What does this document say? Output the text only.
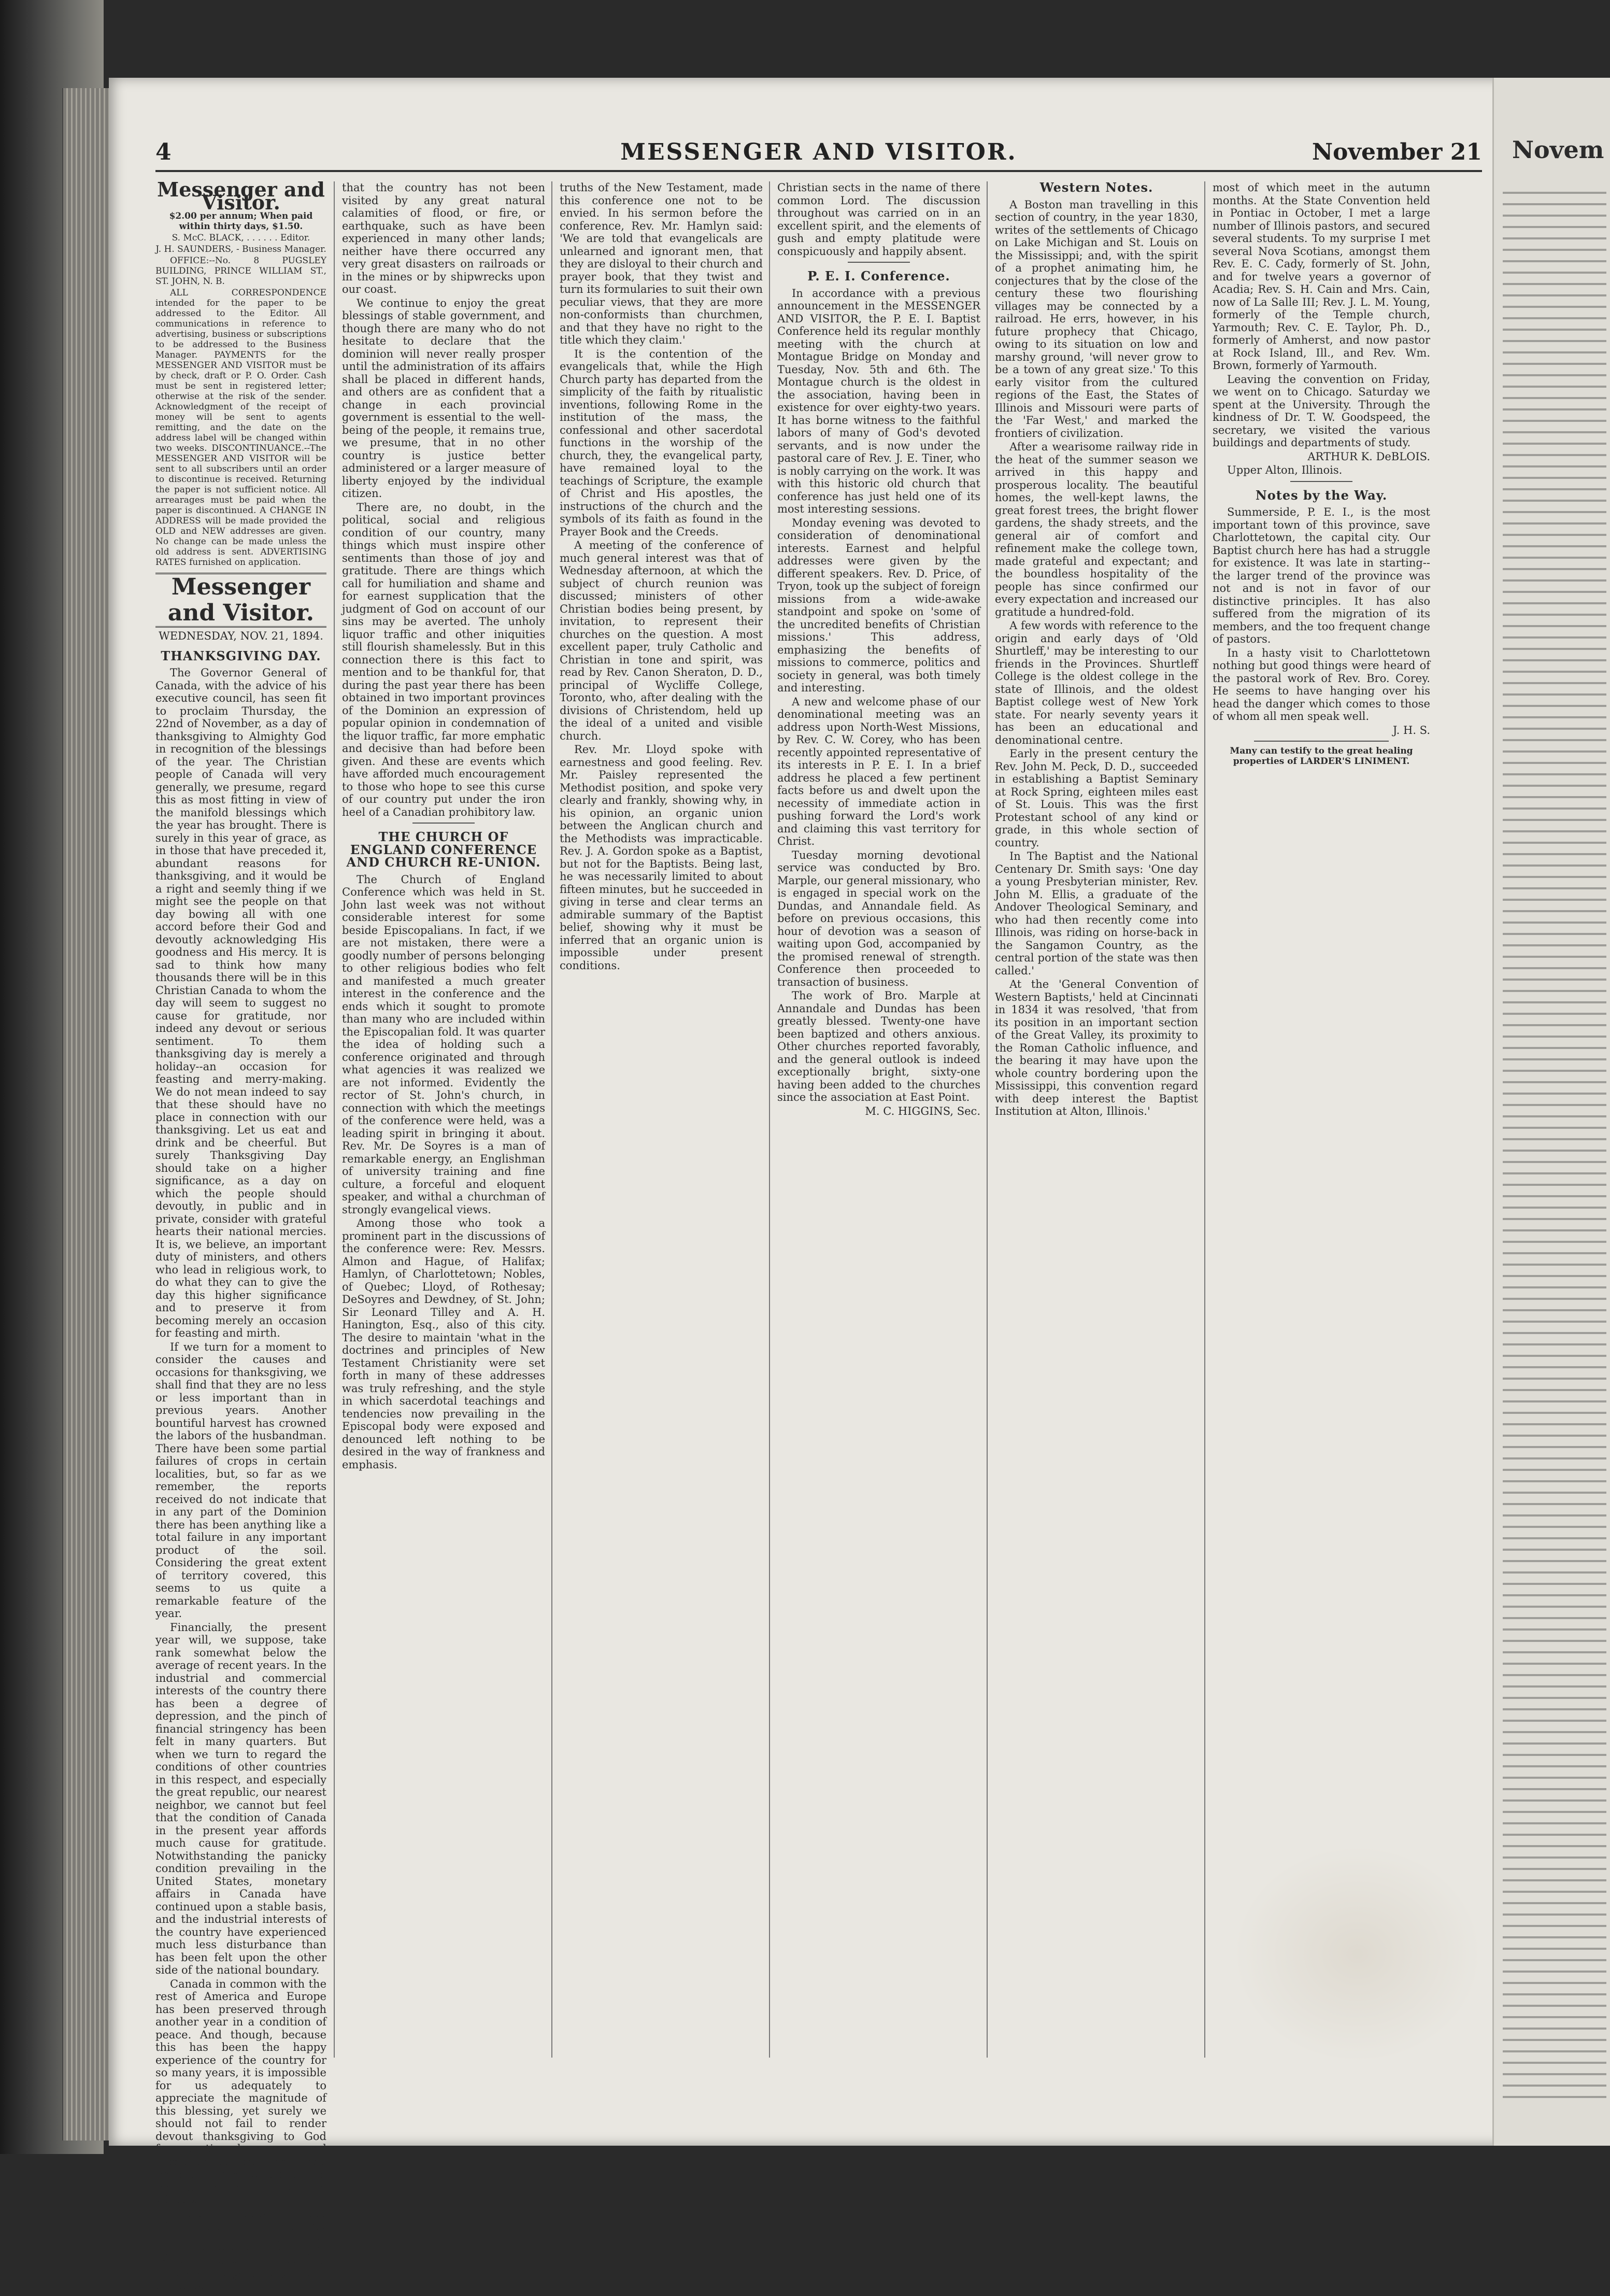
Novem
4	MESSENGER AND VISITOR.	November 21
Messenger and Visitor.

$2.00 per annum; When paid within thirty days, $1.50.

S. McC. BLACK, . . . . . . Editor.

J. H. SAUNDERS, - Business Manager.

OFFICE:--No. 8 PUGSLEY BUILDING, PRINCE WILLIAM ST., ST. JOHN, N. B.

ALL CORRESPONDENCE intended for the paper to be addressed to the Editor. All communications in reference to advertising, business or subscriptions to be addressed to the Business Manager. PAYMENTS for the MESSENGER AND VISITOR must be by check, draft or P. O. Order. Cash must be sent in registered letter; otherwise at the risk of the sender. Acknowledgment of the receipt of money will be sent to agents remitting, and the date on the address label will be changed within two weeks. DISCONTINUANCE.--The MESSENGER AND VISITOR will be sent to all subscribers until an order to discontinue is received. Returning the paper is not sufficient notice. All arrearages must be paid when the paper is discontinued. A CHANGE IN ADDRESS will be made provided the OLD and NEW addresses are given. No change can be made unless the old address is sent. ADVERTISING RATES furnished on application.

Messenger and Visitor.

WEDNESDAY, NOV. 21, 1894.

THANKSGIVING DAY.

The Governor General of Canada, with the advice of his executive council, has seen fit to proclaim Thursday, the 22nd of November, as a day of thanksgiving to Almighty God in recognition of the blessings of the year. The Christian people of Canada will very generally, we presume, regard this as most fitting in view of the manifold blessings which the year has brought. There is surely in this year of grace, as in those that have preceded it, abundant reasons for thanksgiving, and it would be a right and seemly thing if we might see the people on that day bowing all with one accord before their God and devoutly acknowledging His goodness and His mercy. It is sad to think how many thousands there will be in this Christian Canada to whom the day will seem to suggest no cause for gratitude, nor indeed any devout or serious sentiment. To them thanksgiving day is merely a holiday--an occasion for feasting and merry-making. We do not mean indeed to say that these should have no place in connection with our thanksgiving. Let us eat and drink and be cheerful. But surely Thanksgiving Day should take on a higher significance, as a day on which the people should devoutly, in public and in private, consider with grateful hearts their national mercies. It is, we believe, an important duty of ministers, and others who lead in religious work, to do what they can to give the day this higher significance and to preserve it from becoming merely an occasion for feasting and mirth.

If we turn for a moment to consider the causes and occasions for thanksgiving, we shall find that they are no less or less important than in previous years. Another bountiful harvest has crowned the labors of the husbandman. There have been some partial failures of crops in certain localities, but, so far as we remember, the reports received do not indicate that in any part of the Dominion there has been anything like a total failure in any important product of the soil. Considering the great extent of territory covered, this seems to us quite a remarkable feature of the year.

Financially, the present year will, we suppose, take rank somewhat below the average of recent years. In the industrial and commercial interests of the country there has been a degree of depression, and the pinch of financial stringency has been felt in many quarters. But when we turn to regard the conditions of other countries in this respect, and especially the great republic, our nearest neighbor, we cannot but feel that the condition of Canada in the present year affords much cause for gratitude. Notwithstanding the panicky condition prevailing in the United States, monetary affairs in Canada have continued upon a stable basis, and the industrial interests of the country have experienced much less disturbance than has been felt upon the other side of the national boundary.

Canada in common with the rest of America and Europe has been preserved through another year in a condition of peace. And though, because this has been the happy experience of the country for so many years, it is impossible for us adequately to appreciate the magnitude of this blessing, yet surely we should not fail to render devout thanksgiving to God for continued peace, and earnestly to pray that the protecting hand of a gracious providence may not be withdrawn.

While casualties attended with destruction of property and loss of life more or less have occurred in various parts of the Dominion during the year, it is certainly great cause for gratitude

that the country has not been visited by any great natural calamities of flood, or fire, or earthquake, such as have been experienced in many other lands; neither have there occurred any very great disasters on railroads or in the mines or by shipwrecks upon our coast.

We continue to enjoy the great blessings of stable government, and though there are many who do not hesitate to declare that the dominion will never really prosper until the administration of its affairs shall be placed in different hands, and others are as confident that a change in each provincial government is essential to the well-being of the people, it remains true, we presume, that in no other country is justice better administered or a larger measure of liberty enjoyed by the individual citizen.

There are, no doubt, in the political, social and religious condition of our country, many things which must inspire other sentiments than those of joy and gratitude. There are things which call for humiliation and shame and for earnest supplication that the judgment of God on account of our sins may be averted. The unholy liquor traffic and other iniquities still flourish shamelessly. But in this connection there is this fact to mention and to be thankful for, that during the past year there has been obtained in two important provinces of the Dominion an expression of popular opinion in condemnation of the liquor traffic, far more emphatic and decisive than had before been given. And these are events which have afforded much encouragement to those who hope to see this curse of our country put under the iron heel of a Canadian prohibitory law.

THE CHURCH OF ENGLAND CONFERENCE AND CHURCH RE-UNION.

The Church of England Conference which was held in St. John last week was not without considerable interest for some beside Episcopalians. In fact, if we are not mistaken, there were a goodly number of persons belonging to other religious bodies who felt and manifested a much greater interest in the conference and the ends which it sought to promote than many who are included within the Episcopalian fold. It was quarter the idea of holding such a conference originated and through what agencies it was realized we are not informed. Evidently the rector of St. John's church, in connection with which the meetings of the conference were held, was a leading spirit in bringing it about. Rev. Mr. De Soyres is a man of remarkable energy, an Englishman of university training and fine culture, a forceful and eloquent speaker, and withal a churchman of strongly evangelical views.

Among those who took a prominent part in the discussions of the conference were: Rev. Messrs. Almon and Hague, of Halifax; Hamlyn, of Charlottetown; Nobles, of Quebec; Lloyd, of Rothesay; DeSoyres and Dewdney, of St. John; Sir Leonard Tilley and A. H. Hanington, Esq., also of this city. The desire to maintain 'what in the doctrines and principles of New Testament Christianity were set forth in many of these addresses was truly refreshing, and the style in which sacerdotal teachings and tendencies now prevailing in the Episcopal body were exposed and denounced left nothing to be desired in the way of frankness and emphasis.

truths of the New Testament, made this conference one not to be envied. In his sermon before the conference, Rev. Mr. Hamlyn said: 'We are told that evangelicals are unlearned and ignorant men, that they are disloyal to their church and prayer book, that they twist and turn its formularies to suit their own peculiar views, that they are more non-conformists than churchmen, and that they have no right to the title which they claim.'

It is the contention of the evangelicals that, while the High Church party has departed from the simplicity of the faith by ritualistic inventions, following Rome in the institution of the mass, the confessional and other sacerdotal functions in the worship of the church, they, the evangelical party, have remained loyal to the teachings of Scripture, the example of Christ and His apostles, the instructions of the church and the symbols of its faith as found in the Prayer Book and the Creeds.

A meeting of the conference of much general interest was that of Wednesday afternoon, at which the subject of church reunion was discussed; ministers of other Christian bodies being present, by invitation, to represent their churches on the question. A most excellent paper, truly Catholic and Christian in tone and spirit, was read by Rev. Canon Sheraton, D. D., principal of Wycliffe College, Toronto, who, after dealing with the divisions of Christendom, held up the ideal of a united and visible church.

Rev. Mr. Lloyd spoke with earnestness and good feeling. Rev. Mr. Paisley represented the Methodist position, and spoke very clearly and frankly, showing why, in his opinion, an organic union between the Anglican church and the Methodists was impracticable. Rev. J. A. Gordon spoke as a Baptist, but not for the Baptists. Being last, he was necessarily limited to about fifteen minutes, but he succeeded in giving in terse and clear terms an admirable summary of the Baptist belief, showing why it must be inferred that an organic union is impossible under present conditions.

Christian sects in the name of there common Lord. The discussion throughout was carried on in an excellent spirit, and the elements of gush and empty platitude were conspicuously and happily absent.

P. E. I. Conference.

In accordance with a previous announcement in the MESSENGER AND VISITOR, the P. E. I. Baptist Conference held its regular monthly meeting with the church at Montague Bridge on Monday and Tuesday, Nov. 5th and 6th. The Montague church is the oldest in the association, having been in existence for over eighty-two years. It has borne witness to the faithful labors of many of God's devoted servants, and is now under the pastoral care of Rev. J. E. Tiner, who is nobly carrying on the work. It was with this historic old church that conference has just held one of its most interesting sessions.

Monday evening was devoted to consideration of denominational interests. Earnest and helpful addresses were given by the different speakers. Rev. D. Price, of Tryon, took up the subject of foreign missions from a wide-awake standpoint and spoke on 'some of the uncredited benefits of Christian missions.' This address, emphasizing the benefits of missions to commerce, politics and society in general, was both timely and interesting.

A new and welcome phase of our denominational meeting was an address upon North-West Missions, by Rev. C. W. Corey, who has been recently appointed representative of its interests in P. E. I. In a brief address he placed a few pertinent facts before us and dwelt upon the necessity of immediate action in pushing forward the Lord's work and claiming this vast territory for Christ.

Tuesday morning devotional service was conducted by Bro. Marple, our general missionary, who is engaged in special work on the Dundas, and Annandale field. As before on previous occasions, this hour of devotion was a season of waiting upon God, accompanied by the promised renewal of strength. Conference then proceeded to transaction of business.

The work of Bro. Marple at Annandale and Dundas has been greatly blessed. Twenty-one have been baptized and others anxious. Other churches reported favorably, and the general outlook is indeed exceptionally bright, sixty-one having been added to the churches since the association at East Point.

M. C. HIGGINS, Sec.

Western Notes.

A Boston man travelling in this section of country, in the year 1830, writes of the settlements of Chicago on Lake Michigan and St. Louis on the Mississippi; and, with the spirit of a prophet animating him, he conjectures that by the close of the century these two flourishing villages may be connected by a railroad. He errs, however, in his future prophecy that Chicago, owing to its situation on low and marshy ground, 'will never grow to be a town of any great size.' To this early visitor from the cultured regions of the East, the States of Illinois and Missouri were parts of the 'Far West,' and marked the frontiers of civilization.

After a wearisome railway ride in the heat of the summer season we arrived in this happy and prosperous locality. The beautiful homes, the well-kept lawns, the great forest trees, the bright flower gardens, the shady streets, and the general air of comfort and refinement make the college town, made grateful and expectant; and the boundless hospitality of the people has since confirmed our every expectation and increased our gratitude a hundred-fold.

A few words with reference to the origin and early days of 'Old Shurtleff,' may be interesting to our friends in the Provinces. Shurtleff College is the oldest college in the state of Illinois, and the oldest Baptist college west of New York state. For nearly seventy years it has been an educational and denominational centre.

Early in the present century the Rev. John M. Peck, D. D., succeeded in establishing a Baptist Seminary at Rock Spring, eighteen miles east of St. Louis. This was the first Protestant school of any kind or grade, in this whole section of country.

In The Baptist and the National Centenary Dr. Smith says: 'One day a young Presbyterian minister, Rev. John M. Ellis, a graduate of the Andover Theological Seminary, and who had then recently come into Illinois, was riding on horse-back in the Sangamon Country, as the central portion of the state was then called.'

At the 'General Convention of Western Baptists,' held at Cincinnati in 1834 it was resolved, 'that from its position in an important section of the Great Valley, its proximity to the Roman Catholic influence, and the bearing it may have upon the whole country bordering upon the Mississippi, this convention regard with deep interest the Baptist Institution at Alton, Illinois.'

most of which meet in the autumn months. At the State Convention held in Pontiac in October, I met a large number of Illinois pastors, and secured several students. To my surprise I met several Nova Scotians, amongst them Rev. E. C. Cady, formerly of St. John, and for twelve years a governor of Acadia; Rev. S. H. Cain and Mrs. Cain, now of La Salle III; Rev. J. L. M. Young, formerly of the Temple church, Yarmouth; Rev. C. E. Taylor, Ph. D., formerly of Amherst, and now pastor at Rock Island, Ill., and Rev. Wm. Brown, formerly of Yarmouth.

Leaving the convention on Friday, we went on to Chicago. Saturday we spent at the University. Through the kindness of Dr. T. W. Goodspeed, the secretary, we visited the various buildings and departments of study.

ARTHUR K. DeBLOIS.

Upper Alton, Illinois.

Notes by the Way.

Summerside, P. E. I., is the most important town of this province, save Charlottetown, the capital city. Our Baptist church here has had a struggle for existence. It was late in starting--the larger trend of the province was not and is not in favor of our distinctive principles. It has also suffered from the migration of its members, and the too frequent change of pastors.

In a hasty visit to Charlottetown nothing but good things were heard of the pastoral work of Rev. Bro. Corey. He seems to have hanging over his head the danger which comes to those of whom all men speak well.

J. H. S.

Many can testify to the great healing properties of LARDER'S LINIMENT.
